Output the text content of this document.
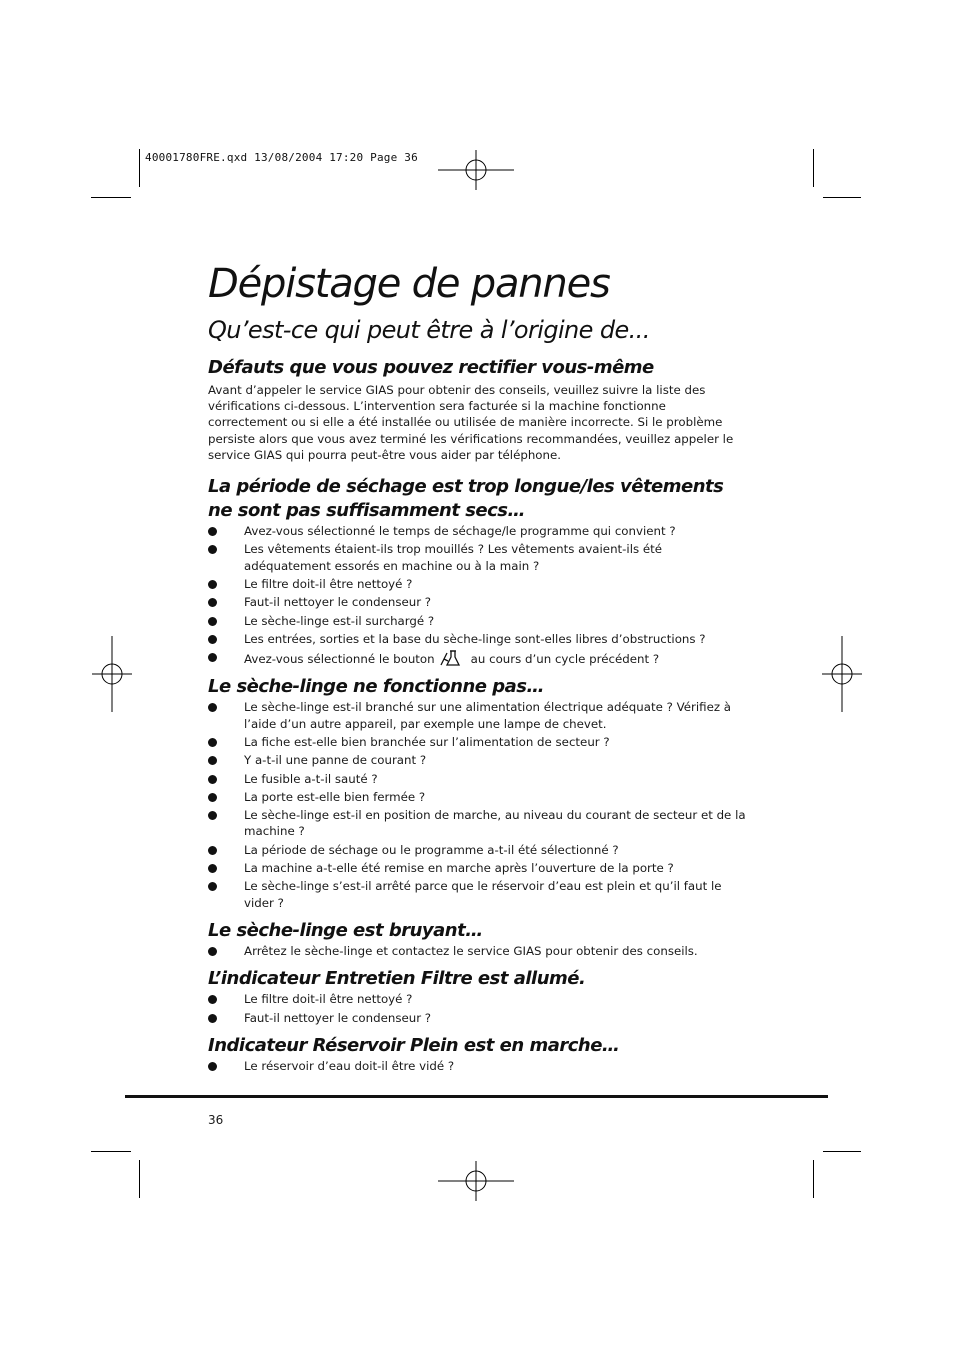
40001780FRE.qxd 13/08/2004 17:20 Page 36
Dépistage de pannes
Qu’est-ce qui peut être à l’origine de...
Défauts que vous pouvez rectifier vous-même

Avant d’appeler le service GIAS pour obtenir des conseils, veuillez suivre la liste des vérifications ci-dessous. L’intervention sera facturée si la machine fonctionne correctement ou si elle a été installée ou utilisée de manière incorrecte. Si le problème persiste alors que vous avez terminé les vérifications recommandées, veuillez appeler le service GIAS qui pourra peut-être vous aider par téléphone.

La période de séchage est trop longue/les vêtements ne sont pas suffisamment secs…
Avez-vous sélectionné le temps de séchage/le programme qui convient ?
Les vêtements étaient-ils trop mouillés ? Les vêtements avaient-ils été adéquatement essorés en machine ou à la main ?
Le filtre doit-il être nettoyé ?
Faut-il nettoyer le condenseur ?
Le sèche-linge est-il surchargé ?
Les entrées, sorties et la base du sèche-linge sont-elles libres d’obstructions ?
Avez-vous sélectionné le bouton	au cours d’un cycle précédent ?
Le sèche-linge ne fonctionne pas…
Le sèche-linge est-il branché sur une alimentation électrique adéquate ? Vérifiez à l’aide d’un autre appareil, par exemple une lampe de chevet.
La fiche est-elle bien branchée sur l’alimentation de secteur ?
Y a-t-il une panne de courant ?
Le fusible a-t-il sauté ?
La porte est-elle bien fermée ?
Le sèche-linge est-il en position de marche, au niveau du courant de secteur et de la machine ?
La période de séchage ou le programme a-t-il été sélectionné ?
La machine a-t-elle été remise en marche après l’ouverture de la porte ?
Le sèche-linge s’est-il arrêté parce que le réservoir d’eau est plein et qu’il faut le vider ?
Le sèche-linge est bruyant…
Arrêtez le sèche-linge et contactez le service GIAS pour obtenir des conseils.
L’indicateur Entretien Filtre est allumé.
Le filtre doit-il être nettoyé ?
Faut-il nettoyer le condenseur ?
Indicateur Réservoir Plein est en marche…
Le réservoir d’eau doit-il être vidé ?
36
